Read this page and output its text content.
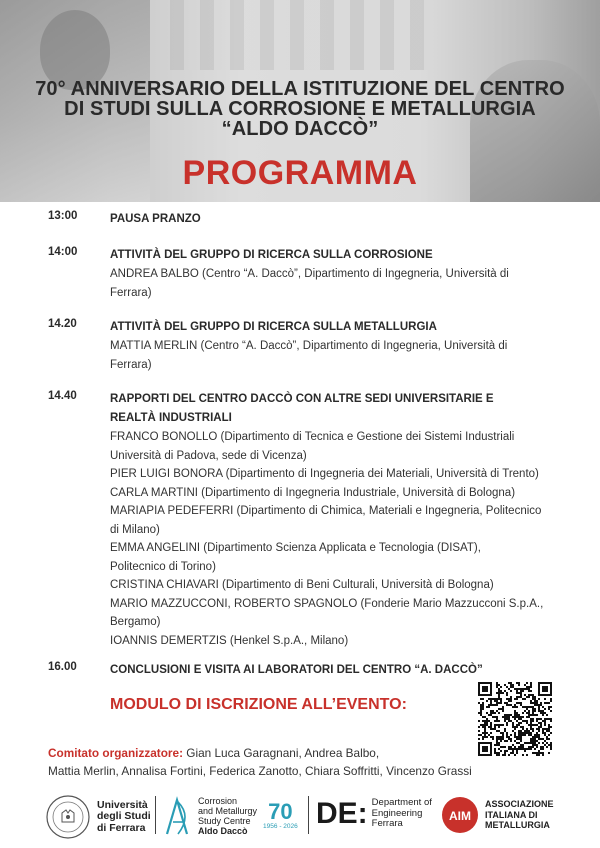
70° ANNIVERSARIO DELLA ISTITUZIONE DEL CENTRO
DI STUDI SULLA CORROSIONE E METALLURGIA
“ALDO DACCÒ”
PROGRAMMA
13:00	PAUSA PRANZO
14:00	ATTIVITÀ DEL GRUPPO DI RICERCA SULLA CORROSIONE
ANDREA BALBO (Centro “A. Daccò”, Dipartimento di Ingegneria, Università di
Ferrara)
14.20	ATTIVITÀ DEL GRUPPO DI RICERCA SULLA METALLURGIA
MATTIA MERLIN (Centro “A. Daccò”, Dipartimento di Ingegneria, Università di
Ferrara)
14.40	RAPPORTI DEL CENTRO DACCÒ CON ALTRE SEDI UNIVERSITARIE E
REALTÀ INDUSTRIALI
FRANCO BONOLLO (Dipartimento di Tecnica e Gestione dei Sistemi Industriali
Università di Padova, sede di Vicenza)
PIER LUIGI BONORA (Dipartimento di Ingegneria dei Materiali, Università di Trento)
CARLA MARTINI (Dipartimento di Ingegneria Industriale, Università di Bologna)
MARIAPIA PEDEFERRI (Dipartimento di Chimica, Materiali e Ingegneria, Politecnico
di Milano)
EMMA ANGELINI (Dipartimento Scienza Applicata e Tecnologia (DISAT),
Politecnico di Torino)
CRISTINA CHIAVARI (Dipartimento di Beni Culturali, Università di Bologna)
MARIO MAZZUCCONI, ROBERTO SPAGNOLO (Fonderie Mario Mazzucconi S.p.A.,
Bergamo)
IOANNIS DEMERTZIS (Henkel S.p.A., Milano)
16.00	CONCLUSIONI E VISITA AI LABORATORI DEL CENTRO “A. DACCÒ”
MODULO DI ISCRIZIONE ALL’EVENTO:
Comitato organizzatore: Gian Luca Garagnani, Andrea Balbo,
Mattia Merlin, Annalisa Fortini, Federica Zanotto, Chiara Soffritti, Vincenzo Grassi
Università
degli Studi
di Ferrara
Corrosion
and Metallurgy
Study Centre
Aldo Daccò
70
1956 - 2026 DE: Department of
Engineering
Ferrara
AIM
ASSOCIAZIONE
ITALIANA DI
METALLURGIA
